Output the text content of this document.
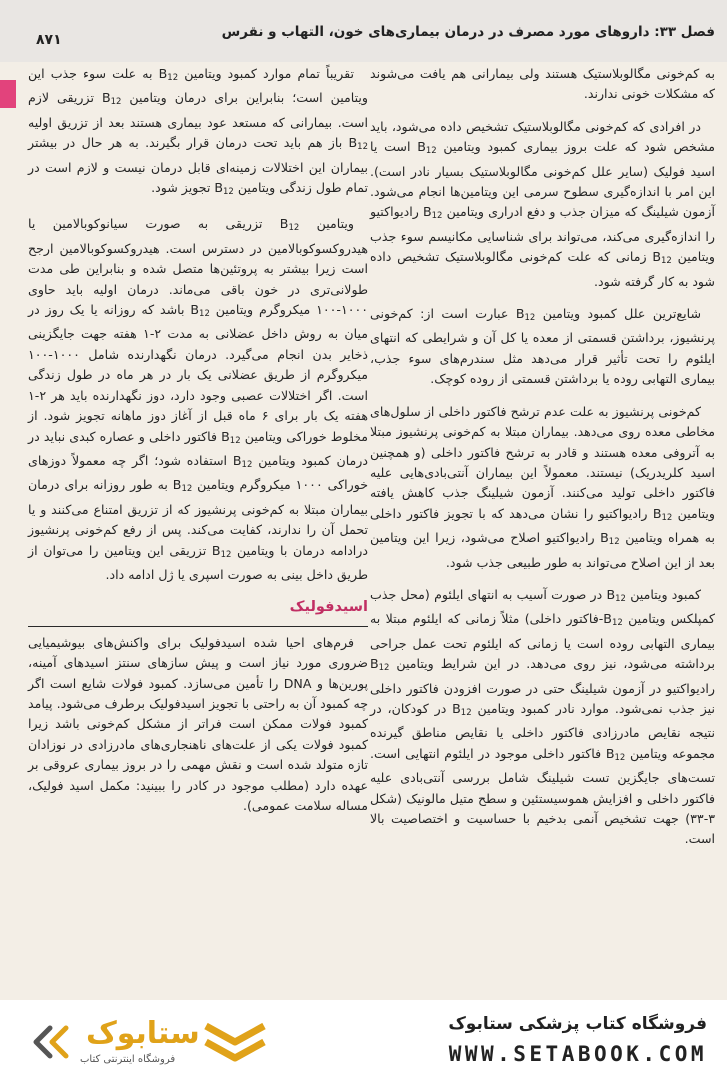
فصل ۳۳: داروهای مورد مصرف در درمان بیماری‌های خون، التهاب و نقرس
۸۷۱

به کم‌خونی مگالوبلاستیک هستند ولی بیمارانی هم یافت می‌شوند که مشکلات خونی ندارند.

در افرادی که کم‌خونی مگالوبلاستیک تشخیص داده می‌شود، باید مشخص شود که علت بروز بیماری کمبود ویتامین $B_{12}$ است یا اسید فولیک (سایر علل کم‌خونی مگالوبلاستیک بسیار نادر است). این امر با اندازه‌گیری سطوح سرمی این ویتامین‌ها انجام می‌شود. آزمون شیلینگ که میزان جذب و دفع ادراری ویتامین $B_{12}$ رادیواکتیو را اندازه‌گیری می‌کند، می‌تواند برای شناسایی مکانیسم سوء جذب ویتامین $B_{12}$ زمانی که علت کم‌خونی مگالوبلاستیک تشخیص داده شود به کار گرفته شود.

شایع‌ترین علل کمبود ویتامین $B_{12}$ عبارت است از: کم‌خونی پرنشیوز، برداشتن قسمتی از معده یا کل آن و شرایطی که انتهای ایلئوم را تحت تأثیر قرار می‌دهد مثل سندرم‌های سوء جذب، بیماری التهابی روده یا برداشتن قسمتی از روده کوچک.

کم‌خونی پرنشیوز به علت عدم ترشح فاکتور داخلی از سلول‌های مخاطی معده روی می‌دهد. بیماران مبتلا به کم‌خونی پرنشیوز مبتلا به آتروفی معده هستند و قادر به ترشح فاکتور داخلی (و همچنین اسید کلریدریک) نیستند. معمولاً این بیماران آنتی‌بادی‌هایی علیه فاکتور داخلی تولید می‌کنند. آزمون شیلینگ جذب کاهش یافته ویتامین $B_{12}$ رادیواکتیو را نشان می‌دهد که با تجویز فاکتور داخلی به همراه ویتامین $B_{12}$ رادیواکتیو اصلاح می‌شود، زیرا این ویتامین بعد از این اصلاح می‌تواند به طور طبیعی جذب شود.

کمبود ویتامین $B_{12}$ در صورت آسیب به انتهای ایلئوم (محل جذب کمپلکس ویتامین $B_{12}$-فاکتور داخلی) مثلاً زمانی که ایلئوم مبتلا به بیماری التهابی روده است یا زمانی که ایلئوم تحت عمل جراحی برداشته می‌شود، نیز روی می‌دهد. در این شرایط ویتامین $B_{12}$ رادیواکتیو در آزمون شیلینگ حتی در صورت افزودن فاکتور داخلی نیز جذب نمی‌شود. موارد نادر کمبود ویتامین $B_{12}$ در کودکان، در نتیجه نقایص مادرزادی فاکتور داخلی یا نقایص مناطق گیرنده مجموعه ویتامین $B_{12}$ فاکتور داخلی موجود در ایلئوم انتهایی است. تست‌های جایگزین تست شیلینگ شامل بررسی آنتی‌بادی علیه فاکتور داخلی و افزایش هموسیستئین و سطح متیل مالونیک (شکل ۳-۳۳) جهت تشخیص آنمی بدخیم با حساسیت و اختصاصیت بالا است.

تقریباً تمام موارد کمبود ویتامین $B_{12}$ به علت سوء جذب این ویتامین است؛ بنابراین برای درمان ویتامین $B_{12}$ تزریقی لازم است. بیمارانی که مستعد عود بیماری هستند بعد از تزریق اولیه $B_{12}$ باز هم باید تحت درمان قرار بگیرند. به هر حال در بیشتر بیماران این اختلالات زمینه‌ای قابل درمان نیست و لازم است در تمام طول زندگی ویتامین $B_{12}$ تجویز شود.

ویتامین $B_{12}$ تزریقی به صورت سیانوکوبالامین یا هیدروکسوکوبالامین در دسترس است. هیدروکسوکوبالامین ارجح است زیرا بیشتر به پروتئین‌ها متصل شده و بنابراین طی مدت طولانی‌تری در خون باقی می‌ماند. درمان اولیه باید حاوی ۱۰۰۰-۱۰۰ میکروگرم ویتامین $B_{12}$ باشد که روزانه یا یک روز در میان به روش داخل عضلانی به مدت ۲-۱ هفته جهت جایگزینی ذخایر بدن انجام می‌گیرد. درمان نگهدارنده شامل ۱۰۰۰-۱۰۰ میکروگرم از طریق عضلانی یک بار در هر ماه در طول زندگی است. اگر اختلالات عصبی وجود دارد، دوز نگهدارنده باید هر ۲-۱ هفته یک بار برای ۶ ماه قبل از آغاز دوز ماهانه تجویز شود. از مخلوط خوراکی ویتامین $B_{12}$ فاکتور داخلی و عصاره کبدی نباید در درمان کمبود ویتامین $B_{12}$ استفاده شود؛ اگر چه معمولاً دوزهای خوراکی ۱۰۰۰ میکروگرم ویتامین $B_{12}$ به طور روزانه برای درمان بیماران مبتلا به کم‌خونی پرنشیوز که از تزریق امتناع می‌کنند و یا تحمل آن را ندارند، کفایت می‌کند. پس از رفع کم‌خونی پرنشیوز درادامه درمان با ویتامین $B_{12}$ تزریقی این ویتامین را می‌توان از طریق داخل بینی به صورت اسپری یا ژل ادامه داد.

اسیدفولیک

فرم‌های احیا شده اسیدفولیک برای واکنش‌های بیوشیمیایی ضروری مورد نیاز است و پیش سازهای سنتز اسیدهای آمینه، پورین‌ها و DNA را تأمین می‌سازد. کمبود فولات شایع است اگر چه کمبود آن به راحتی با تجویز اسیدفولیک برطرف می‌شود. پیامد کمبود فولات ممکن است فراتر از مشکل کم‌خونی باشد زیرا کمبود فولات یکی از علت‌های ناهنجاری‌های مادرزادی در نوزادان تازه متولد شده است و نقش مهمی را در بروز بیماری عروقی بر عهده دارد (مطلب موجود در کادر را ببینید: مکمل اسید فولیک، مساله سلامت عمومی).

ستابوک
فروشگاه اینترنتی کتاب
فروشگاه کتاب پزشکی ستابوک
WWW.SETABOOK.COM
